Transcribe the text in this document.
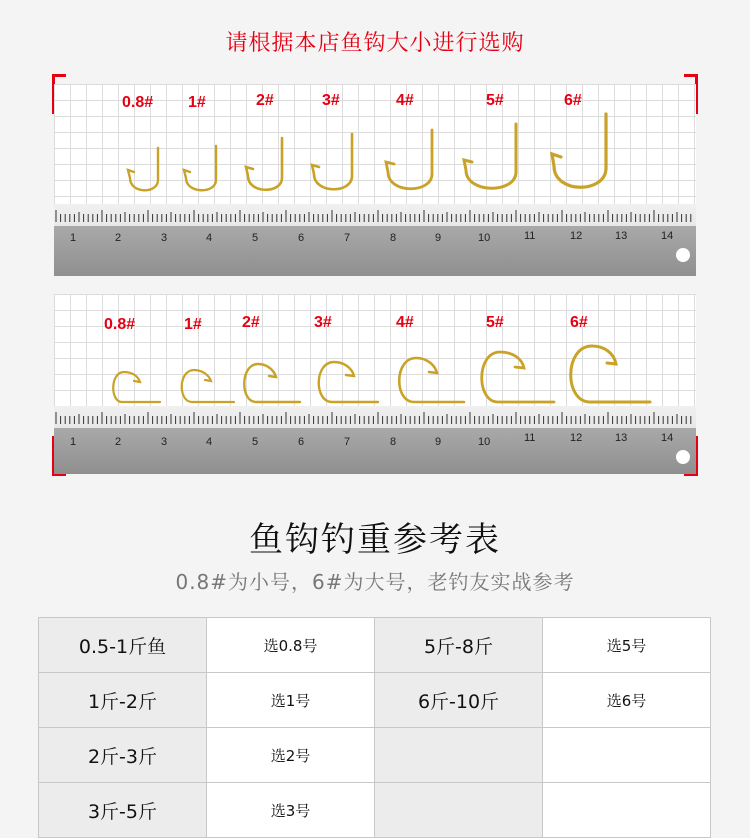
请根据本店鱼钩大小进行选购
0.8# 1#	2#	3#	4#	5#	6#
1	2	3	4	5	6	7	8	9	10	11	12	13	14
0.8#	1#	2#	3#	4#	5#	6#
1	2	3	4	5	6	7	8	9	10	11	12	13	14
鱼钩钓重参考表
0.8#为小号，6#为大号，老钓友实战参考
0.5-1斤鱼	选0.8号	5斤-8斤	选5号
1斤-2斤	选1号	6斤-10斤	选6号
2斤-3斤	选2号		
3斤-5斤	选3号		
